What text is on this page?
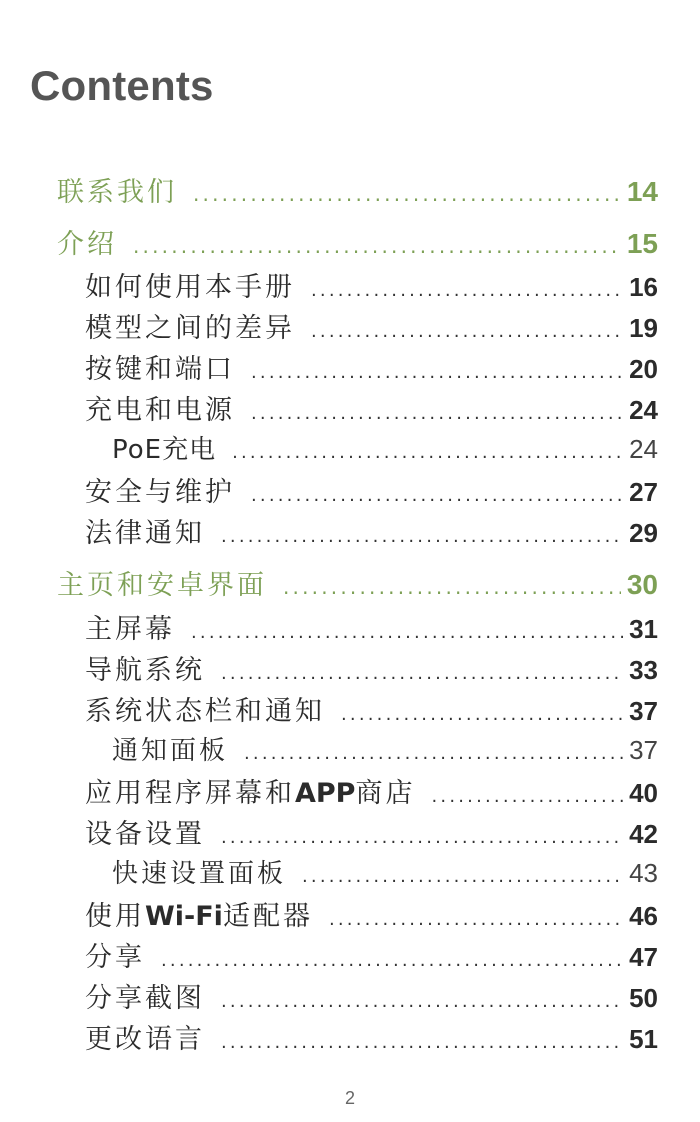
Contents
联系我们 .....	14
介绍 .....	15
如何使用本手册 .....	16
模型之间的差异 .....	19
按键和端口 .....	20
充电和电源 .....	24
PoE充电 .....	24
安全与维护 .....	27
法律通知 .....	29
主页和安卓界面 .....	30
主屏幕 .....	31
导航系统 .....	33
系统状态栏和通知 .....	37
通知面板 .....	37
应用程序屏幕和APP商店 .....	40
设备设置 .....	42
快速设置面板 .....	43
使用Wi-Fi适配器 .....	46
分享 .....	47
分享截图 .....	50
更改语言 .....	51
2
